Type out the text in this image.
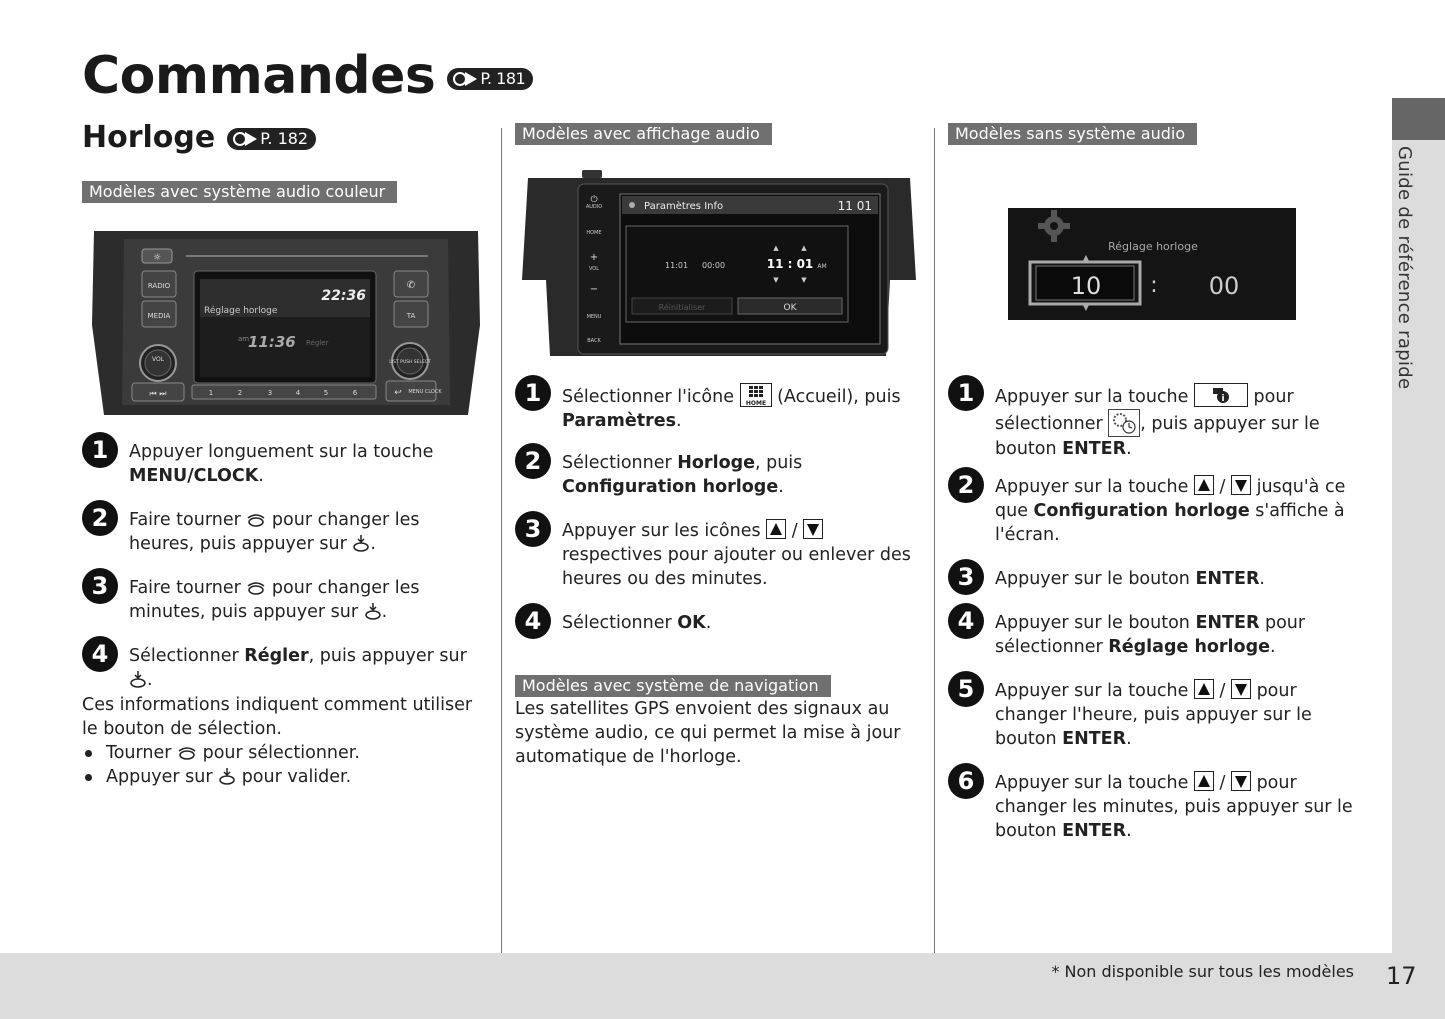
Commandes	P. 181
Horloge	P. 182
Modèles avec système audio couleur
☼
RADIO
MEDIA
✆
TA
22:36
Réglage horloge
am
11:36 Régler
VOL	LIST PUSH SELECT
⏮ ⏭	1	2	3	4	5	6	↩ MENU CLOCK
1	Appuyer longuement sur la touche MENU/CLOCK.
2	Faire tourner  pour changer les heures, puis appuyer sur .
3	Faire tourner  pour changer les minutes, puis appuyer sur .
4	Sélectionner Régler, puis appuyer sur .
Ces informations indiquent comment utiliser le bouton de sélection.
Tourner  pour sélectionner.
Appuyer sur  pour valider.
Modèles avec affichage audio
AUDIO
HOME
VOL
MENU
BACK
⏻
+
−
Paramètres Info	11 01
11:01 00:00
▲	▲
11 : 01 AM
▼	▼
Réinitialiser	OK
1	Sélectionner l'icône HOME (Accueil), puis Paramètres.
2	Sélectionner Horloge, puis Configuration horloge.
3	Appuyer sur les icônes  /  respectives pour ajouter ou enlever des heures ou des minutes.
4	Sélectionner OK.
Modèles avec système de navigation
Les satellites GPS envoient des signaux au système audio, ce qui permet la mise à jour automatique de l'horloge.
Modèles sans système audio
Réglage horloge
▲
10
▼
: 00
1	Appuyer sur la touche	i pour sélectionner , puis appuyer sur le bouton ENTER.
2	Appuyer sur la touche  /  jusqu'à ce que Configuration horloge s'affiche à l'écran.
3	Appuyer sur le bouton ENTER.
4	Appuyer sur le bouton ENTER pour sélectionner Réglage horloge.
5	Appuyer sur la touche  /  pour changer l'heure, puis appuyer sur le bouton ENTER.
6	Appuyer sur la touche  /  pour changer les minutes, puis appuyer sur le bouton ENTER.
Guide de référence rapide
* Non disponible sur tous les modèles 17
